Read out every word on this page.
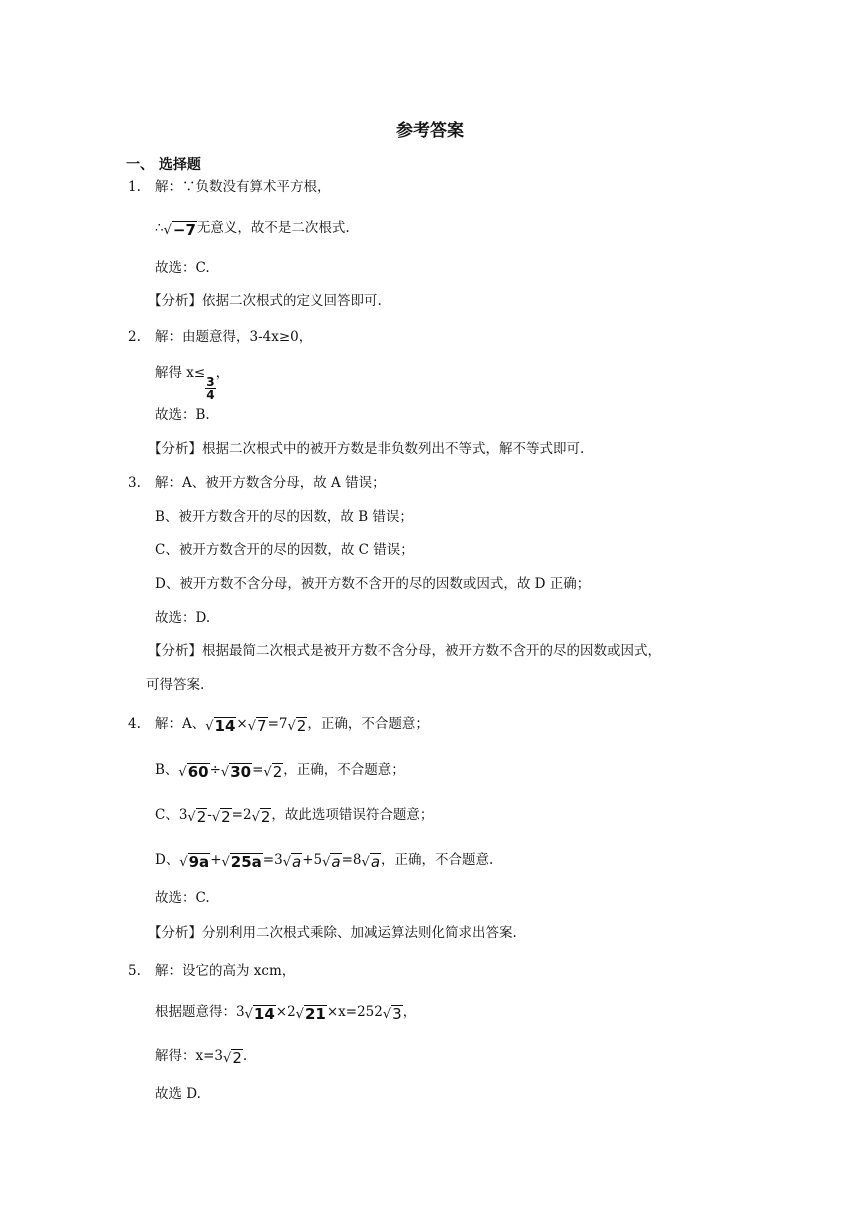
参考答案
一、 选择题
1. 解：∵负数没有算术平方根，
∴ √ −7 无意义，故不是二次根式.
故选：C.
【分析】依据二次根式的定义回答即可.
2. 解：由题意得，3-4x≥0，
解得 x≤
$\frac{3}{4}$
，
故选：B.
【分析】根据二次根式中的被开方数是非负数列出不等式，解不等式即可.
3. 解：A、被开方数含分母，故 A 错误；
B、被开方数含开的尽的因数，故 B 错误；
C、被开方数含开的尽的因数，故 C 错误；
D、被开方数不含分母，被开方数不含开的尽的因数或因式，故 D 正确；
故选：D.
【分析】根据最简二次根式是被开方数不含分母，被开方数不含开的尽的因数或因式，
可得答案.
4. 解：A、 √ 14 × √ 7 =7 √ 2 ，正确，不合题意；
B、 √ 60 ÷ √ 30 = √ 2 ，正确，不合题意；
C、3 √ 2 - √ 2 =2 √ 2 ，故此选项错误符合题意；
D、 √ 9a + √ 25a =3 √ a +5 √ a =8 √ a ，正确，不合题意.
故选：C.
【分析】分别利用二次根式乘除、加减运算法则化简求出答案.
5. 解：设它的高为 xcm，
根据题意得：3 √ 14 ×2 √ 21 ×x=252 √ 3 ，
解得：x=3 √ 2 .
故选 D.
